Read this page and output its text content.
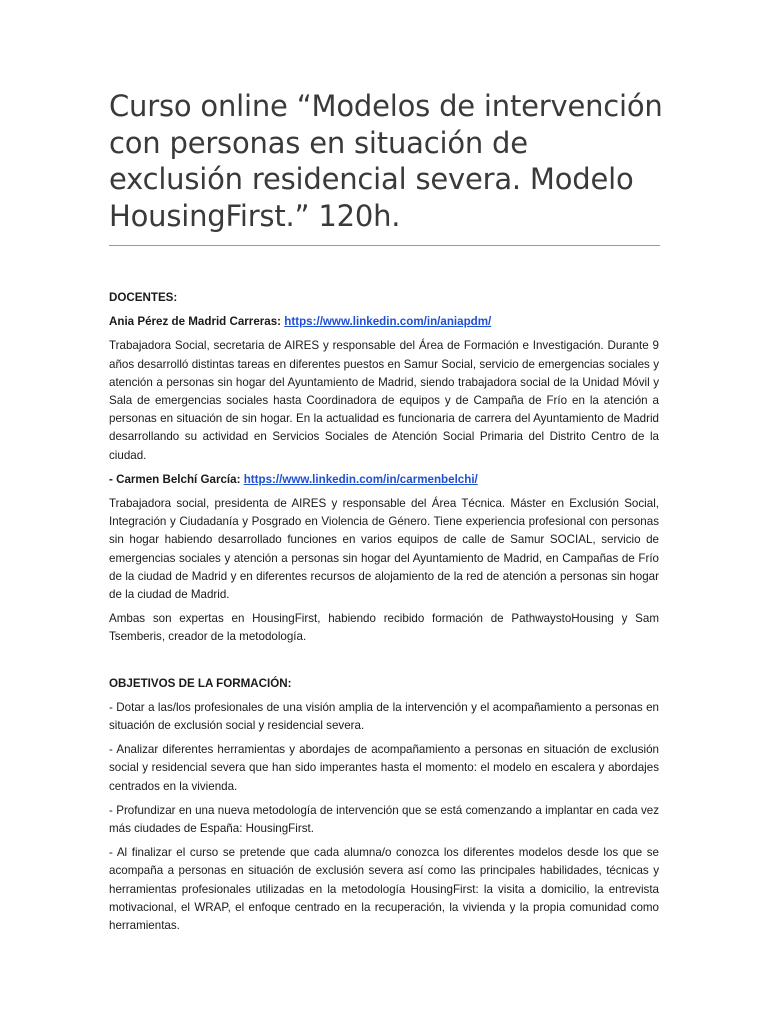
Curso online “Modelos de intervención con personas en situación de exclusión residencial severa. Modelo HousingFirst.” 120h.

DOCENTES:

Ania Pérez de Madrid Carreras: https://www.linkedin.com/in/aniapdm/

Trabajadora Social, secretaria de AIRES y responsable del Área de Formación e Investigación. Durante 9 años desarrolló distintas tareas en diferentes puestos en Samur Social, servicio de emergencias sociales y atención a personas sin hogar del Ayuntamiento de Madrid, siendo trabajadora social de la Unidad Móvil y Sala de emergencias sociales hasta Coordinadora de equipos y de Campaña de Frío en la atención a personas en situación de sin hogar. En la actualidad es funcionaria de carrera del Ayuntamiento de Madrid desarrollando su actividad en Servicios Sociales de Atención Social Primaria del Distrito Centro de la ciudad.

- Carmen Belchí García: https://www.linkedin.com/in/carmenbelchi/

Trabajadora social, presidenta de AIRES y responsable del Área Técnica. Máster en Exclusión Social, Integración y Ciudadanía y Posgrado en Violencia de Género. Tiene experiencia profesional con personas sin hogar habiendo desarrollado funciones en varios equipos de calle de Samur SOCIAL, servicio de emergencias sociales y atención a personas sin hogar del Ayuntamiento de Madrid, en Campañas de Frío de la ciudad de Madrid y en diferentes recursos de alojamiento de la red de atención a personas sin hogar de la ciudad de Madrid.

Ambas son expertas en HousingFirst, habiendo recibido formación de PathwaystoHousing y Sam Tsemberis, creador de la metodología.

OBJETIVOS DE LA FORMACIÓN:

- Dotar a las/los profesionales de una visión amplia de la intervención y el acompañamiento a personas en situación de exclusión social y residencial severa.

- Analizar diferentes herramientas y abordajes de acompañamiento a personas en situación de exclusión social y residencial severa que han sido imperantes hasta el momento: el modelo en escalera y abordajes centrados en la vivienda.

- Profundizar en una nueva metodología de intervención que se está comenzando a implantar en cada vez más ciudades de España: HousingFirst.

- Al finalizar el curso se pretende que cada alumna/o conozca los diferentes modelos desde los que se acompaña a personas en situación de exclusión severa así como las principales habilidades, técnicas y herramientas profesionales utilizadas en la metodología HousingFirst: la visita a domicilio, la entrevista motivacional, el WRAP, el enfoque centrado en la recuperación, la vivienda y la propia comunidad como herramientas.
